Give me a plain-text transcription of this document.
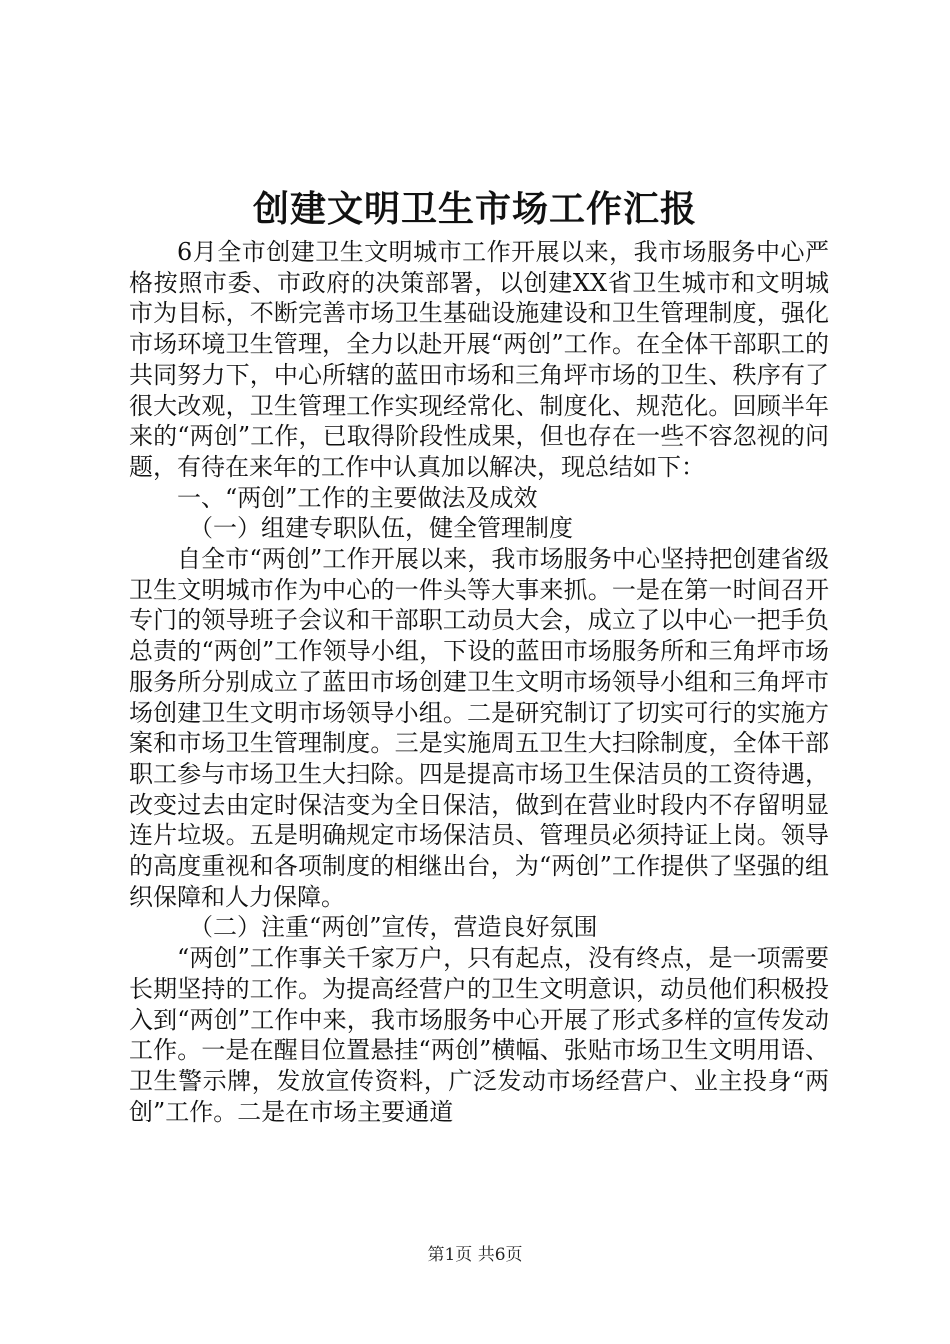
创建文明卫生市场工作汇报

6月全市创建卫生文明城市工作开展以来，我市场服务中心严格按照市委、市政府的决策部署，以创建XX省卫生城市和文明城市为目标，不断完善市场卫生基础设施建设和卫生管理制度，强化市场环境卫生管理，全力以赴开展“两创”工作。在全体干部职工的共同努力下，中心所辖的蓝田市场和三角坪市场的卫生、秩序有了很大改观，卫生管理工作实现经常化、制度化、规范化。回顾半年来的“两创”工作，已取得阶段性成果，但也存在一些不容忽视的问题，有待在来年的工作中认真加以解决，现总结如下：

一、“两创”工作的主要做法及成效

（一）组建专职队伍，健全管理制度

自全市“两创”工作开展以来，我市场服务中心坚持把创建省级卫生文明城市作为中心的一件头等大事来抓。一是在第一时间召开专门的领导班子会议和干部职工动员大会，成立了以中心一把手负总责的“两创”工作领导小组，下设的蓝田市场服务所和三角坪市场服务所分别成立了蓝田市场创建卫生文明市场领导小组和三角坪市场创建卫生文明市场领导小组。二是研究制订了切实可行的实施方案和市场卫生管理制度。三是实施周五卫生大扫除制度，全体干部职工参与市场卫生大扫除。四是提高市场卫生保洁员的工资待遇，改变过去由定时保洁变为全日保洁，做到在营业时段内不存留明显连片垃圾。五是明确规定市场保洁员、管理员必须持证上岗。领导的高度重视和各项制度的相继出台，为“两创”工作提供了坚强的组织保障和人力保障。

（二）注重“两创”宣传，营造良好氛围

“两创”工作事关千家万户，只有起点，没有终点，是一项需要长期坚持的工作。为提高经营户的卫生文明意识，动员他们积极投入到“两创”工作中来，我市场服务中心开展了形式多样的宣传发动工作。一是在醒目位置悬挂“两创”横幅、张贴市场卫生文明用语、卫生警示牌，发放宣传资料，广泛发动市场经营户、业主投身“两创”工作。二是在市场主要通道

第1页 共6页
